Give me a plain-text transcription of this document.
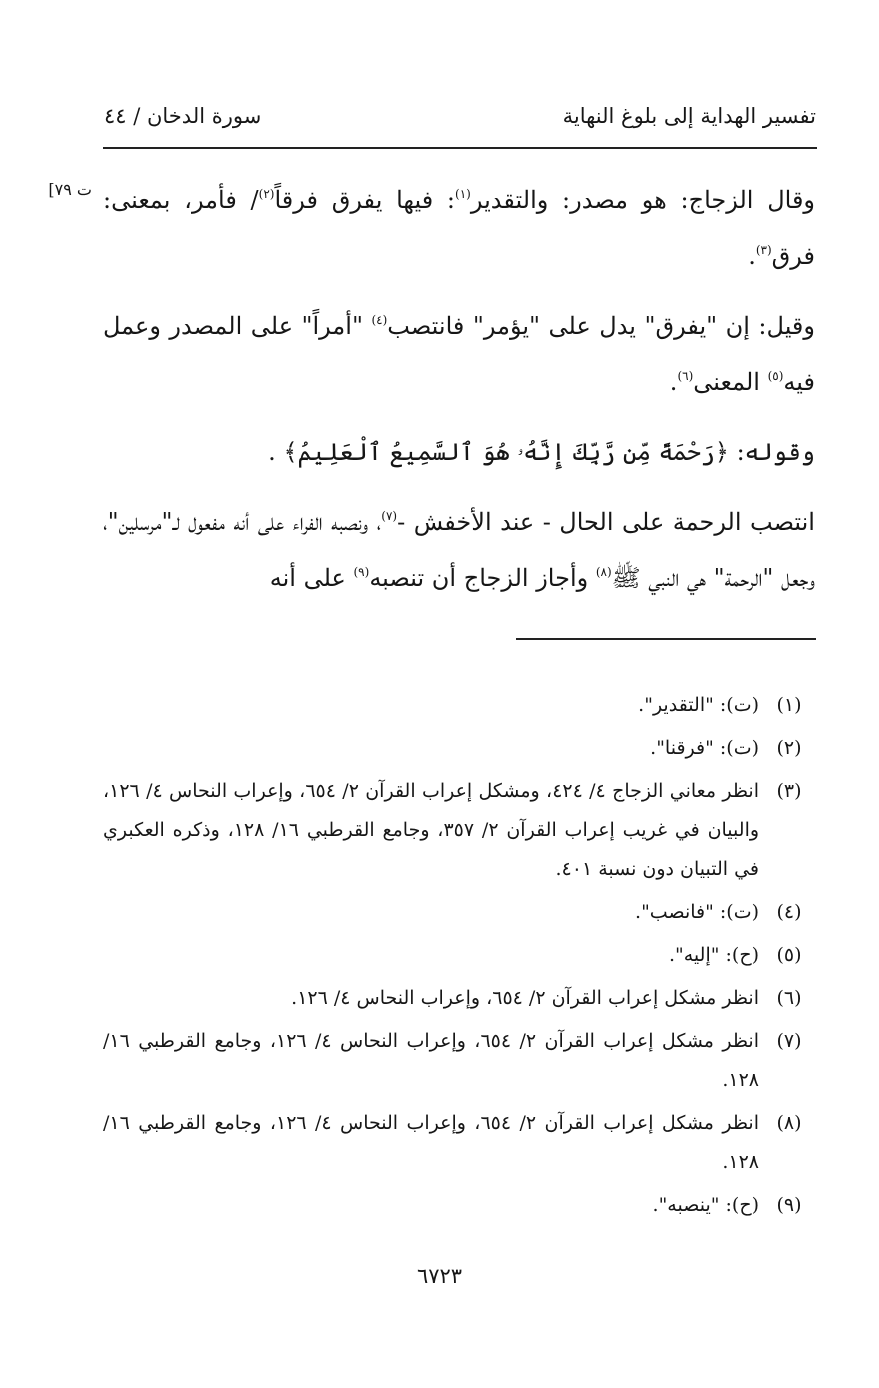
تفسير الهداية إلى بلوغ النهاية
سورة الدخان / ٤٤
ت ٧٩]	وقال الزجاج: هو مصدر: والتقدير$^{(١)}$: فيها يفرق فرقاً$^{(٢)}$/ فأمر، بمعنى: فرق$^{(٣)}$.

وقيل: إن "يفرق" يدل على "يؤمر" فانتصب$^{(٤)}$ "أمراً" على المصدر وعمل فيه$^{(٥)}$ المعنى$^{(٦)}$.

وقوله: ﴿رَحْمَةً مِّن رَّبِّكَ إِنَّهُۥ هُوَ ٱلسَّمِيعُ ٱلْعَلِيمُ﴾ .

انتصب الرحمة على الحال - عند الأخفش -$^{(٧)}$، ونصبه الفراء على أنه مفعول لـ"مرسلين"، وجعل "الرحمة" هي النبي ﷺ$^{(٨)}$ وأجاز الزجاج أن تنصبه$^{(٩)}$ على أنه

(١)
(ت): "التقدير".
(٢)
(ت): "فرقنا".
(٣)
انظر معاني الزجاج ٤/ ٤٢٤، ومشكل إعراب القرآن ٢/ ٦٥٤، وإعراب النحاس ٤/ ١٢٦، والبيان في غريب إعراب القرآن ٢/ ٣٥٧، وجامع القرطبي ١٦/ ١٢٨، وذكره العكبري في التبيان دون نسبة ٤٠١.
(٤)
(ت): "فانصب".
(٥)
(ح): "إليه".
(٦)
انظر مشكل إعراب القرآن ٢/ ٦٥٤، وإعراب النحاس ٤/ ١٢٦.
(٧)
انظر مشكل إعراب القرآن ٢/ ٦٥٤، وإعراب النحاس ٤/ ١٢٦، وجامع القرطبي ١٦/ ١٢٨.
(٨)
انظر مشكل إعراب القرآن ٢/ ٦٥٤، وإعراب النحاس ٤/ ١٢٦، وجامع القرطبي ١٦/ ١٢٨.
(٩)
(ح): "ينصبه".
٦٧٢٣
